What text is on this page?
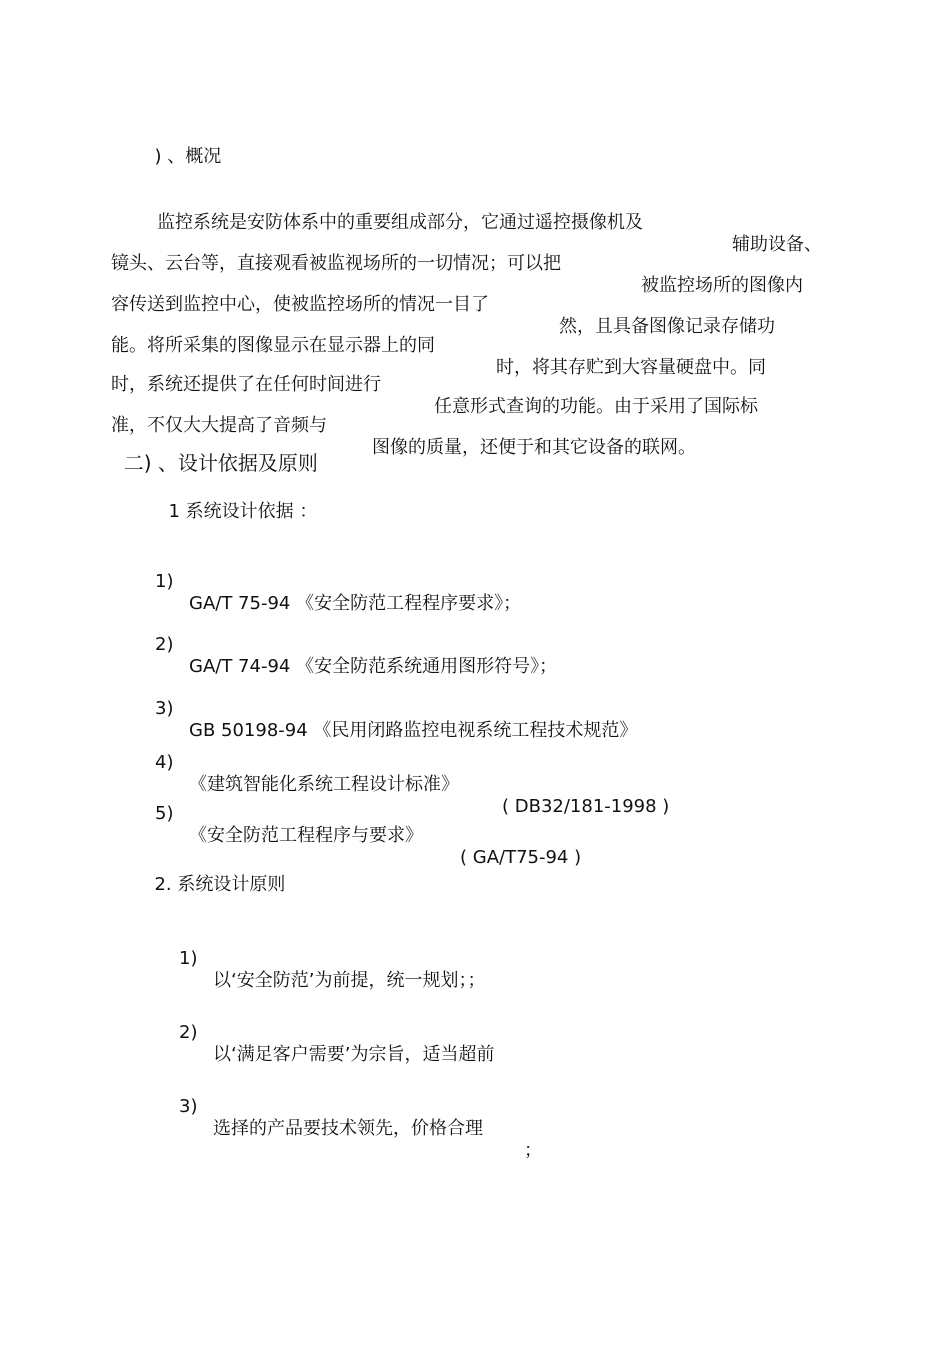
) 、概况

监控系统是安防体系中的重要组成部分，它通过遥控摄像机及

辅助设备、

镜头、云台等，直接观看被监视场所的一切情况；可以把

被监控场所的图像内

容传送到监控中心，使被监控场所的情况一目了

然，且具备图像记录存储功

能。将所采集的图像显示在显示器上的同

时，将其存贮到大容量硬盘中。同

时，系统还提供了在任何时间进行

任意形式查询的功能。由于采用了国际标

准，不仅大大提高了音频与

图像的质量，还便于和其它设备的联网。

二) 、设计依据及原则

1 系统设计依据 ：

1)

GA/T 75-94 《安全防范工程程序要求》；

2)

GA/T 74-94 《安全防范系统通用图形符号》；

3)

GB 50198-94 《民用闭路监控电视系统工程技术规范》

4)

《建筑智能化系统工程设计标准》

( DB32/181-1998 )

5)

《安全防范工程程序与要求》

( GA/T75-94 )

2. 系统设计原则

1)

以‘安全防范’为前提，统一规划；；

2)

以‘满足客户需要’为宗旨，适当超前

3)

选择的产品要技术领先，价格合理

；
